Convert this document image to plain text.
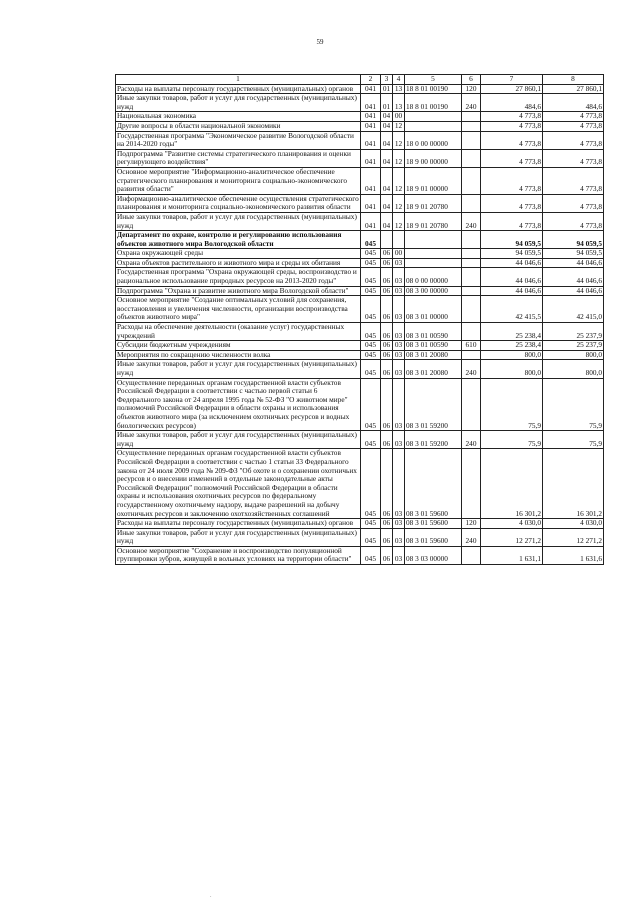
59
1	2	3	4	5	6	7	8
Расходы на выплаты персоналу государственных (муниципальных) органов	041	01	13	18 8 01 00190	120	27 860,1	27 860,1
Иные закупки товаров, работ и услуг для государственных (муниципальных) нужд	041	01	13	18 8 01 00190	240	484,6	484,6
Национальная экономика	041	04	00			4 773,8	4 773,8
Другие вопросы в области национальной экономики	041	04	12			4 773,8	4 773,8
Государственная программа "Экономическое развитие Вологодской области на 2014-2020 годы"	041	04	12	18 0 00 00000		4 773,8	4 773,8
Подпрограмма "Развитие системы стратегического планирования и оценки регулирующего воздействия"	041	04	12	18 9 00 00000		4 773,8	4 773,8
Основное мероприятие "Информационно-аналитическое обеспечение стратегического планирования и мониторинга социально-экономического развития области"	041	04	12	18 9 01 00000		4 773,8	4 773,8
Информационно-аналитическое обеспечение осуществления стратегического планирования и мониторинга социально-экономического развития области	041	04	12	18 9 01 20780		4 773,8	4 773,8
Иные закупки товаров, работ и услуг для государственных (муниципальных) нужд	041	04	12	18 9 01 20780	240	4 773,8	4 773,8
Департамент по охране, контролю и регулированию использования объектов животного мира Вологодской области	045					94 059,5	94 059,5
Охрана окружающей среды	045	06	00			94 059,5	94 059,5
Охрана объектов растительного и животного мира и среды их обитания	045	06	03			44 046,6	44 046,6
Государственная программа "Охрана окружающей среды, воспроизводство и рациональное использование природных ресурсов на 2013-2020 годы"	045	06	03	08 0 00 00000		44 046,6	44 046,6
Подпрограмма "Охрана и развитие животного мира Вологодской области"	045	06	03	08 3 00 00000		44 046,6	44 046,6
Основное мероприятие "Создание оптимальных условий для сохранения, восстановления и увеличения численности, организации воспроизводства объектов животного мира"	045	06	03	08 3 01 00000		42 415,5	42 415,0
Расходы на обеспечение деятельности (оказание услуг) государственных учреждений	045	06	03	08 3 01 00590		25 238,4	25 237,9
Субсидии бюджетным учреждениям	045	06	03	08 3 01 00590	610	25 238,4	25 237,9
Мероприятия по сокращению численности волка	045	06	03	08 3 01 20080		800,0	800,0
Иные закупки товаров, работ и услуг для государственных (муниципальных) нужд	045	06	03	08 3 01 20080	240	800,0	800,0
Осуществление переданных органам государственной власти субъектов Российской Федерации в соответствии с частью первой статьи 6 Федерального закона от 24 апреля 1995 года № 52-ФЗ "О животном мире" полномочий Российской Федерации в области охраны и использования объектов животного мира (за исключением охотничьих ресурсов и водных биологических ресурсов)	045	06	03	08 3 01 59200		75,9	75,9
Иные закупки товаров, работ и услуг для государственных (муниципальных) нужд	045	06	03	08 3 01 59200	240	75,9	75,9
Осуществление переданных органам государственной власти субъектов Российской Федерации в соответствии с частью 1 статьи 33 Федерального закона от 24 июля 2009 года № 209-ФЗ "Об охоте и о сохранении охотничьих ресурсов и о внесении изменений в отдельные законодательные акты Российской Федерации" полномочий Российской Федерации в области охраны и использования охотничьих ресурсов по федеральному государственному охотничьему надзору, выдаче разрешений на добычу охотничьих ресурсов и заключению охотхозяйственных соглашений	045	06	03	08 3 01 59600		16 301,2	16 301,2
Расходы на выплаты персоналу государственных (муниципальных) органов	045	06	03	08 3 01 59600	120	4 030,0	4 030,0
Иные закупки товаров, работ и услуг для государственных (муниципальных) нужд	045	06	03	08 3 01 59600	240	12 271,2	12 271,2
Основное мероприятие "Сохранение и воспроизводство популяционной группировки зубров, живущей в вольных условиях на территории области"	045	06	03	08 3 03 00000		1 631,1	1 631,6
.
